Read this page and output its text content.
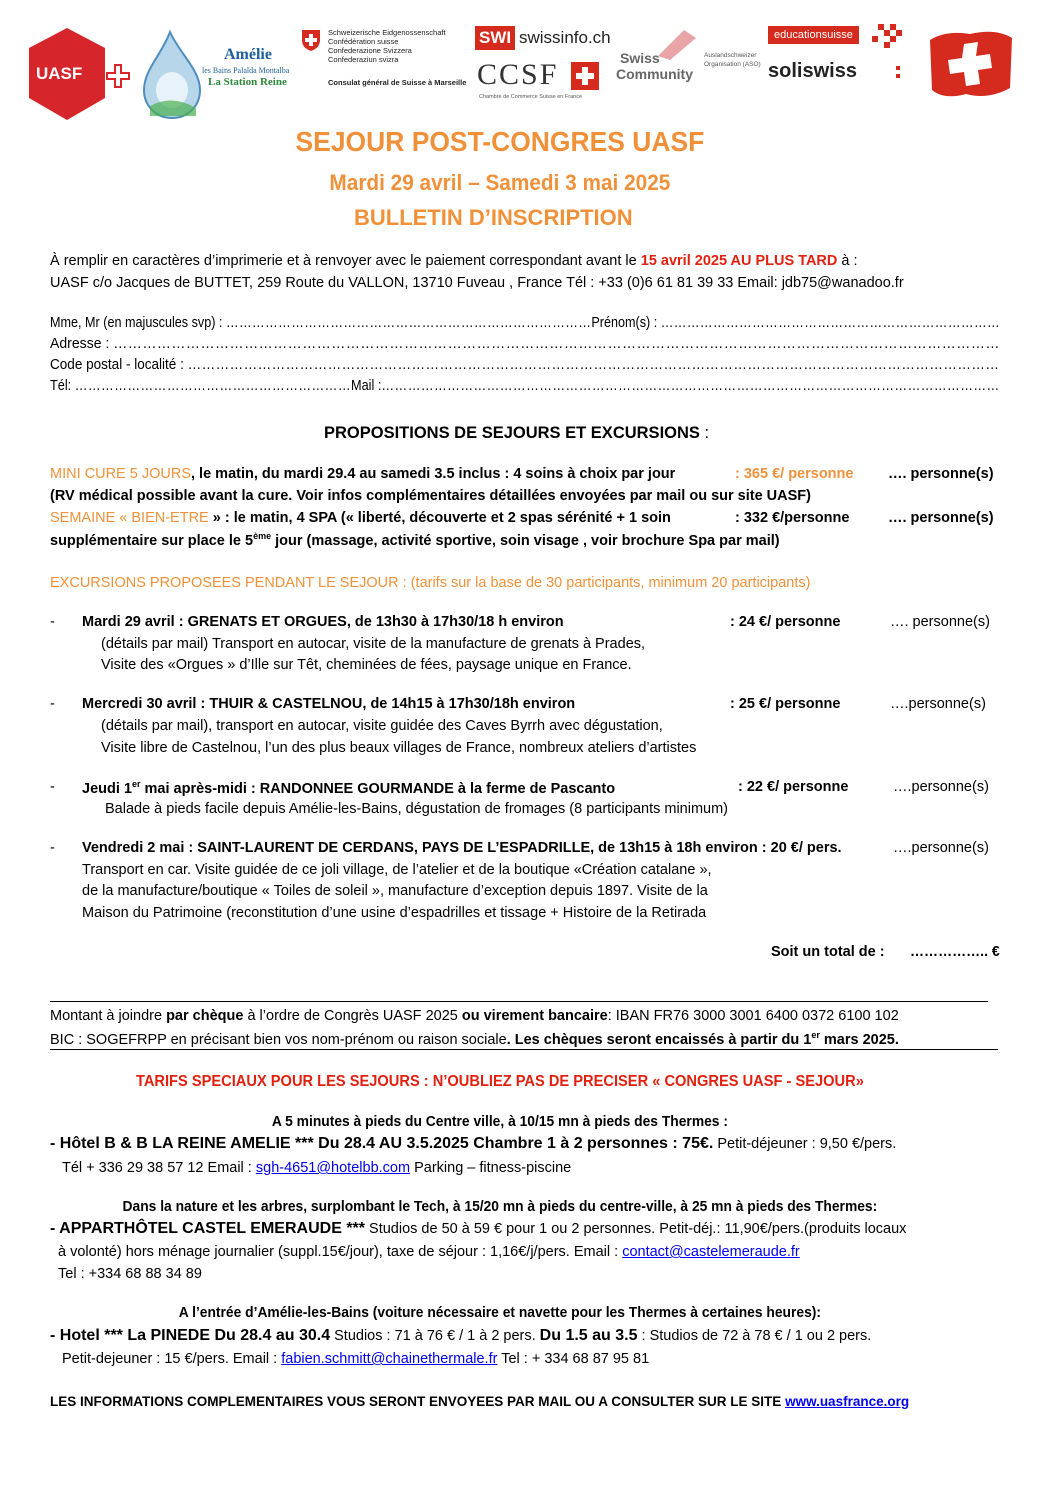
UASF
Amélie
les Bains Palalda Montalba
La Station Reine
Schweizerische Eidgenossenschaft
Confédération suisse
Confederazione Svizzera
Confederaziun svizra
Consulat général de Suisse à Marseille
SWI swissinfo.ch
CCSF
Chambre de Commerce Suisse en France
Swiss
Community
Auslandschweizer
Organisation (ASO)
educationsuisse
soliswiss
SEJOUR POST-CONGRES UASF
Mardi 29 avril – Samedi 3 mai 2025
BULLETIN D’INSCRIPTION
À remplir en caractères d’imprimerie et à renvoyer avec le paiement correspondant avant le 15 avril 2025 AU PLUS TARD à :
UASF c/o Jacques de BUTTET, 259 Route du VALLON, 13710 Fuveau , France Tél : +33 (0)6 61 81 39 33 Email: jdb75@wanadoo.fr
Mme, Mr (en majuscules svp) : …………………………………………………………………………Prénom(s) : ……………………………………………………………………
Adresse : …………………………………………………………………………………………………………………………………………………………………
Code postal - localité : …………………………………………………………………………………………………………………………………………………………
Tél: ………………………………………………………Mail :……………………………………………………………………………………………………………………………
PROPOSITIONS DE SEJOURS ET EXCURSIONS :
MINI CURE 5 JOURS, le matin, du mardi 29.4 au samedi 3.5 inclus : 4 soins à choix par jour	: 365 €/ personne …. personne(s)
(RV médical possible avant la cure. Voir infos complémentaires détaillées envoyées par mail ou sur site UASF)
SEMAINE « BIEN-ETRE » : le matin, 4 SPA (« liberté, découverte et 2 spas sérénité + 1 soin	: 332 €/personne	…. personne(s)
supplémentaire sur place le 5ème jour (massage, activité sportive, soin visage , voir brochure Spa par mail)
EXCURSIONS PROPOSEES PENDANT LE SEJOUR : (tarifs sur la base de 30 participants, minimum 20 participants)
- Mardi 29 avril : GRENATS ET ORGUES, de 13h30 à 17h30/18 h environ	: 24 €/ personne	…. personne(s)
(détails par mail) Transport en autocar, visite de la manufacture de grenats à Prades,
Visite des «Orgues » d’Ille sur Têt, cheminées de fées, paysage unique en France.
- Mercredi 30 avril : THUIR & CASTELNOU, de 14h15 à 17h30/18h environ	: 25 €/ personne	….personne(s)
(détails par mail), transport en autocar, visite guidée des Caves Byrrh avec dégustation,
Visite libre de Castelnou, l’un des plus beaux villages de France, nombreux ateliers d’artistes
- Jeudi 1er mai après-midi : RANDONNEE GOURMANDE à la ferme de Pascanto	: 22 €/ personne	….personne(s)
Balade à pieds facile depuis Amélie-les-Bains, dégustation de fromages (8 participants minimum)
- Vendredi 2 mai : SAINT-LAURENT DE CERDANS, PAYS DE L’ESPADRILLE, de 13h15 à 18h environ : 20 €/ pers.	….personne(s)
Transport en car. Visite guidée de ce joli village, de l’atelier et de la boutique «Création catalane »,
de la manufacture/boutique « Toiles de soleil », manufacture d’exception depuis 1897. Visite de la
Maison du Patrimoine (reconstitution d’une usine d’espadrilles et tissage + Histoire de la Retirada
Soit un total de : …………….. €
Montant à joindre par chèque à l’ordre de Congrès UASF 2025 ou virement bancaire: IBAN FR76 3000 3001 6400 0372 6100 102
BIC : SOGEFRPP en précisant bien vos nom-prénom ou raison sociale. Les chèques seront encaissés à partir du 1er mars 2025.
TARIFS SPECIAUX POUR LES SEJOURS : N’OUBLIEZ PAS DE PRECISER « CONGRES UASF - SEJOUR»
A 5 minutes à pieds du Centre ville, à 10/15 mn à pieds des Thermes :
- Hôtel B & B LA REINE AMELIE *** Du 28.4 AU 3.5.2025 Chambre 1 à 2 personnes : 75€. Petit-déjeuner : 9,50 €/pers.
Tél + 336 29 38 57 12 Email : sgh-4651@hotelbb.com Parking – fitness-piscine
Dans la nature et les arbres, surplombant le Tech, à 15/20 mn à pieds du centre-ville, à 25 mn à pieds des Thermes:
- APPARTHÔTEL CASTEL EMERAUDE *** Studios de 50 à 59 € pour 1 ou 2 personnes. Petit-déj.: 11,90€/pers.(produits locaux
à volonté) hors ménage journalier (suppl.15€/jour), taxe de séjour : 1,16€/j/pers. Email : contact@castelemeraude.fr
Tel : +334 68 88 34 89
A l’entrée d’Amélie-les-Bains (voiture nécessaire et navette pour les Thermes à certaines heures):
- Hotel *** La PINEDE Du 28.4 au 30.4 Studios : 71 à 76 € / 1 à 2 pers. Du 1.5 au 3.5 : Studios de 72 à 78 € / 1 ou 2 pers.
Petit-dejeuner : 15 €/pers. Email : fabien.schmitt@chainethermale.fr Tel : + 334 68 87 95 81
LES INFORMATIONS COMPLEMENTAIRES VOUS SERONT ENVOYEES PAR MAIL OU A CONSULTER SUR LE SITE www.uasfrance.org
